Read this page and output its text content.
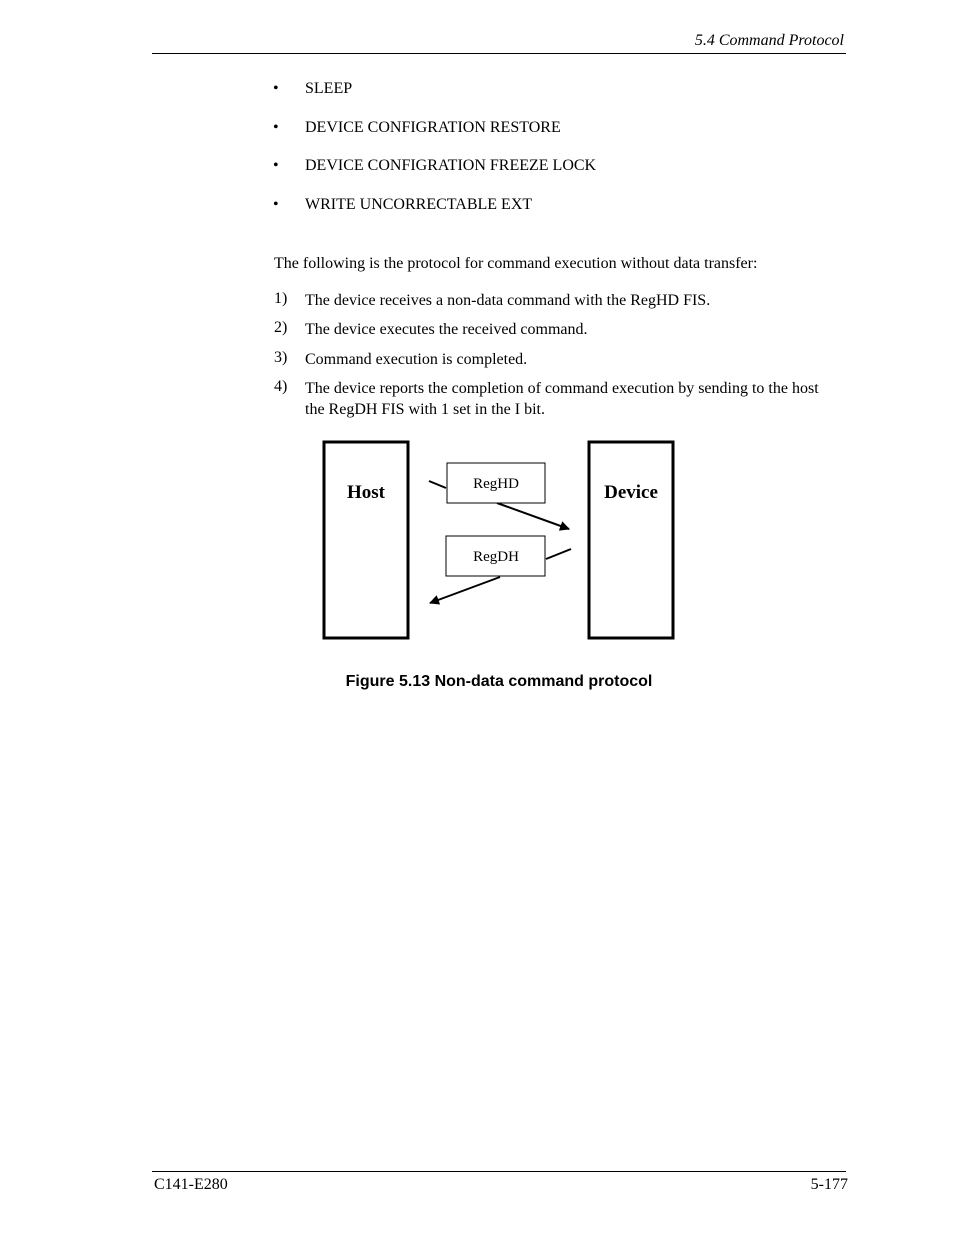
5.4 Command Protocol
•	SLEEP
•	DEVICE CONFIGRATION RESTORE
•	DEVICE CONFIGRATION FREEZE LOCK
•	WRITE UNCORRECTABLE EXT
The following is the protocol for command execution without data transfer:
1) The device receives a non-data command with the RegHD FIS.
2) The device executes the received command.
3) Command execution is completed.
4) The device reports the completion of command execution by sending to the host the RegDH FIS with 1 set in the I bit.
Host	Device
RegHD
RegDH
Figure 5.13 Non-data command protocol
C141-E280	5-177
